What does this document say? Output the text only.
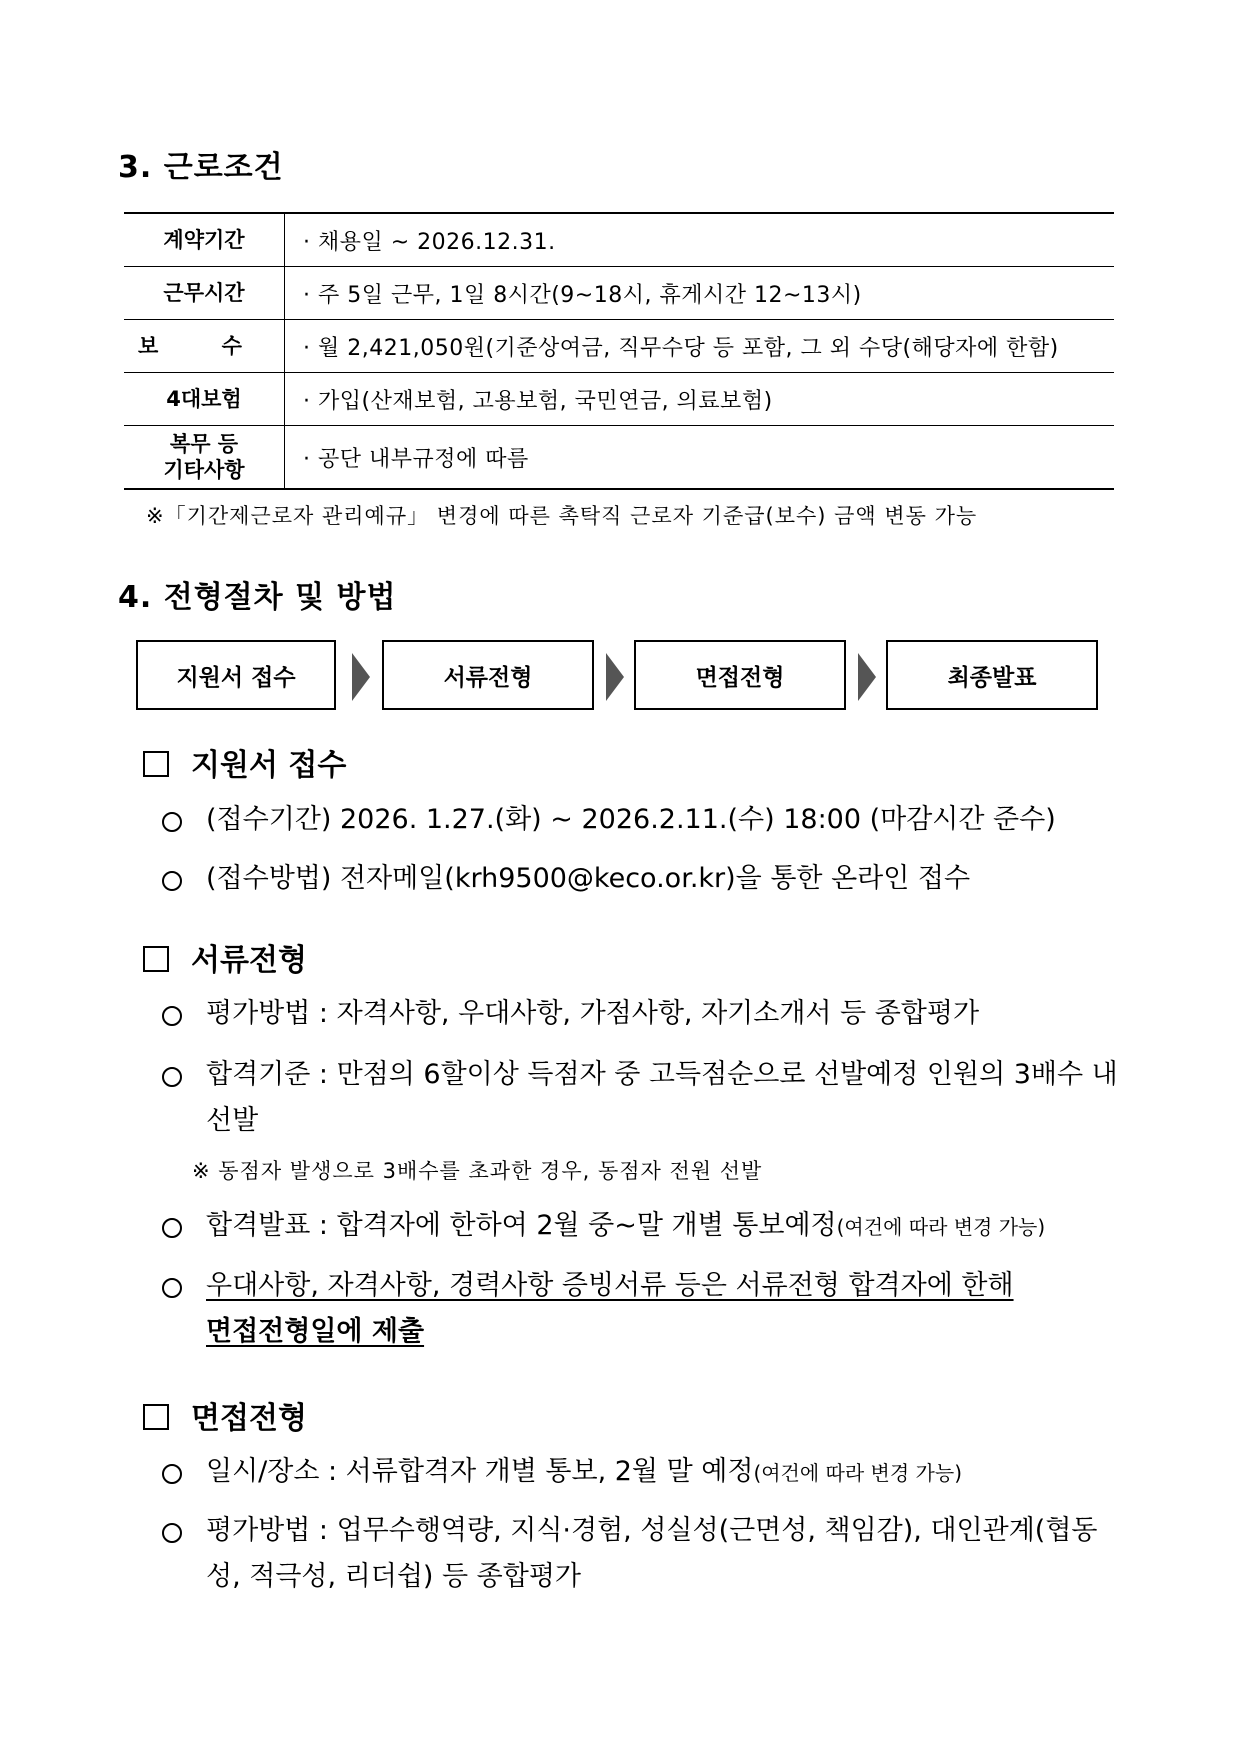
3. 근로조건
계약기간	· 채용일 ~ 2026.12.31.
근무시간	· 주 5일 근무, 1일 8시간(9~18시, 휴게시간 12~13시)
보 수	· 월 2,421,050원(기준상여금, 직무수당 등 포함, 그 외 수당(해당자에 한함)
4대보험	· 가입(산재보험, 고용보험, 국민연금, 의료보험)

복무 등
기타사항	· 공단 내부규정에 따름
※「기간제근로자 관리예규」 변경에 따른 촉탁직 근로자 기준급(보수) 금액 변동 가능
4. 전형절차 및 방법
지원서 접수	서류전형	면접전형	최종발표
지원서 접수
(접수기간) 2026. 1.27.(화) ~ 2026.2.11.(수) 18:00 (마감시간 준수)
(접수방법) 전자메일(krh9500@keco.or.kr)을 통한 온라인 접수
서류전형
평가방법 : 자격사항, 우대사항, 가점사항, 자기소개서 등 종합평가
합격기준 : 만점의 6할이상 득점자 중 고득점순으로 선발예정 인원의 3배수 내 선발
※ 동점자 발생으로 3배수를 초과한 경우, 동점자 전원 선발
합격발표 : 합격자에 한하여 2월 중~말 개별 통보예정(여건에 따라 변경 가능)
우대사항, 자격사항, 경력사항 증빙서류 등은 서류전형 합격자에 한해
면접전형일에 제출
면접전형
일시/장소 : 서류합격자 개별 통보, 2월 말 예정(여건에 따라 변경 가능)
평가방법 : 업무수행역량, 지식·경험, 성실성(근면성, 책임감), 대인관계(협동성, 적극성, 리더쉽) 등 종합평가
